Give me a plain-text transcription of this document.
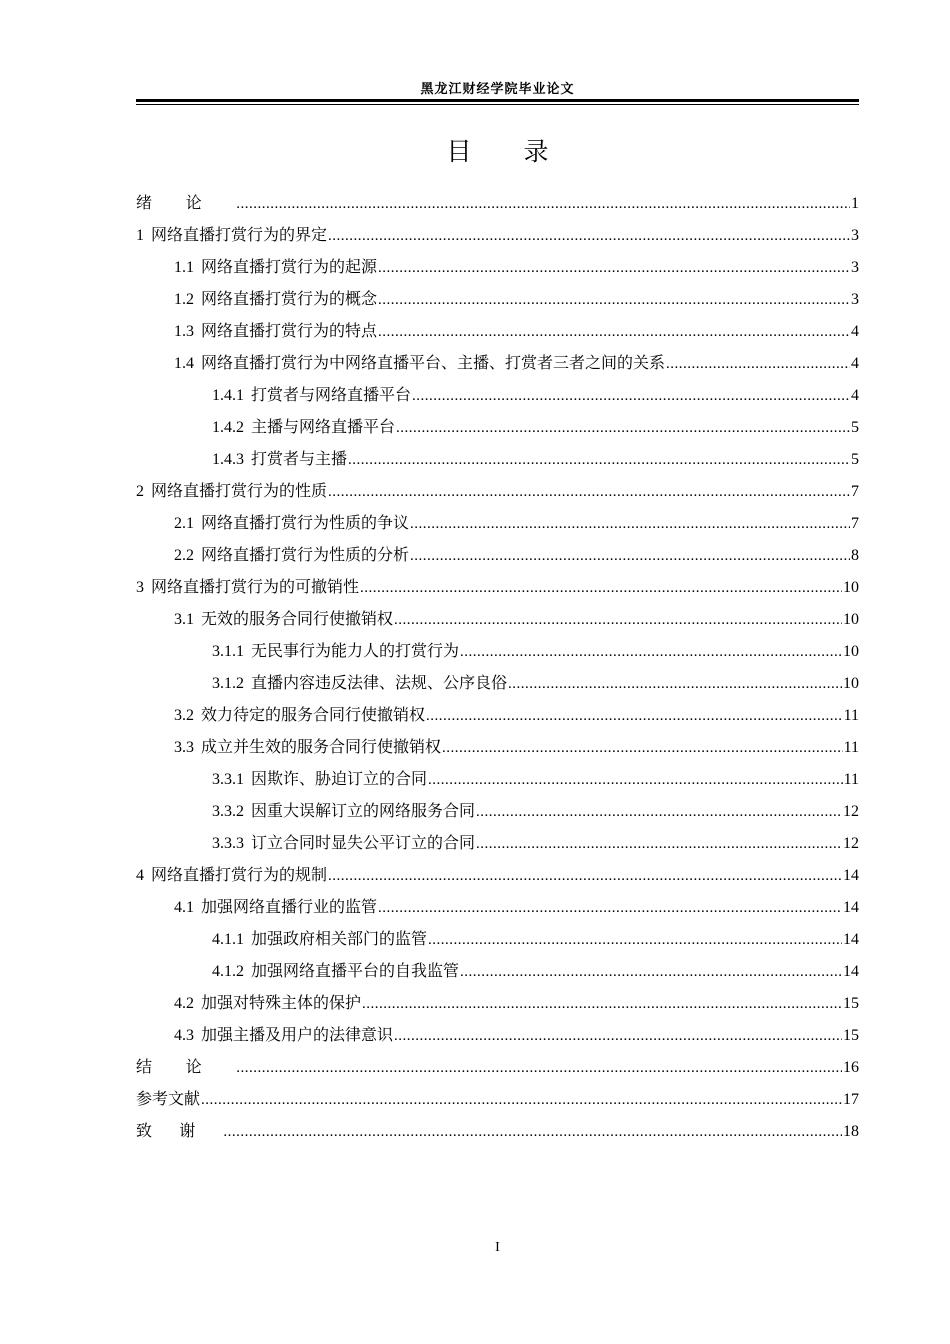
黑龙江财经学院毕业论文
目 录
绪论 .....	1
1 网络直播打赏行为的界定 .....	3
1.1 网络直播打赏行为的起源 .....	3
1.2 网络直播打赏行为的概念 .....	3
1.3 网络直播打赏行为的特点 .....	4
1.4 网络直播打赏行为中网络直播平台、主播、打赏者三者之间的关系 .....	4
1.4.1 打赏者与网络直播平台 .....	4
1.4.2 主播与网络直播平台 .....	5
1.4.3 打赏者与主播 .....	5
2 网络直播打赏行为的性质 .....	7
2.1 网络直播打赏行为性质的争议 .....	7
2.2 网络直播打赏行为性质的分析 .....	8
3 网络直播打赏行为的可撤销性 .....	10
3.1 无效的服务合同行使撤销权 .....	10
3.1.1 无民事行为能力人的打赏行为 .....	10
3.1.2 直播内容违反法律、法规、公序良俗 .....	10
3.2 效力待定的服务合同行使撤销权 .....	11
3.3 成立并生效的服务合同行使撤销权 .....	11
3.3.1 因欺诈、胁迫订立的合同 .....	11
3.3.2 因重大误解订立的网络服务合同 .....	12
3.3.3 订立合同时显失公平订立的合同 .....	12
4 网络直播打赏行为的规制 .....	14
4.1 加强网络直播行业的监管 .....	14
4.1.1 加强政府相关部门的监管 .....	14
4.1.2 加强网络直播平台的自我监管 .....	14
4.2 加强对特殊主体的保护 .....	15
4.3 加强主播及用户的法律意识 .....	15
结论 .....	16
参考文献 .....	17
致谢 .....	18
I
